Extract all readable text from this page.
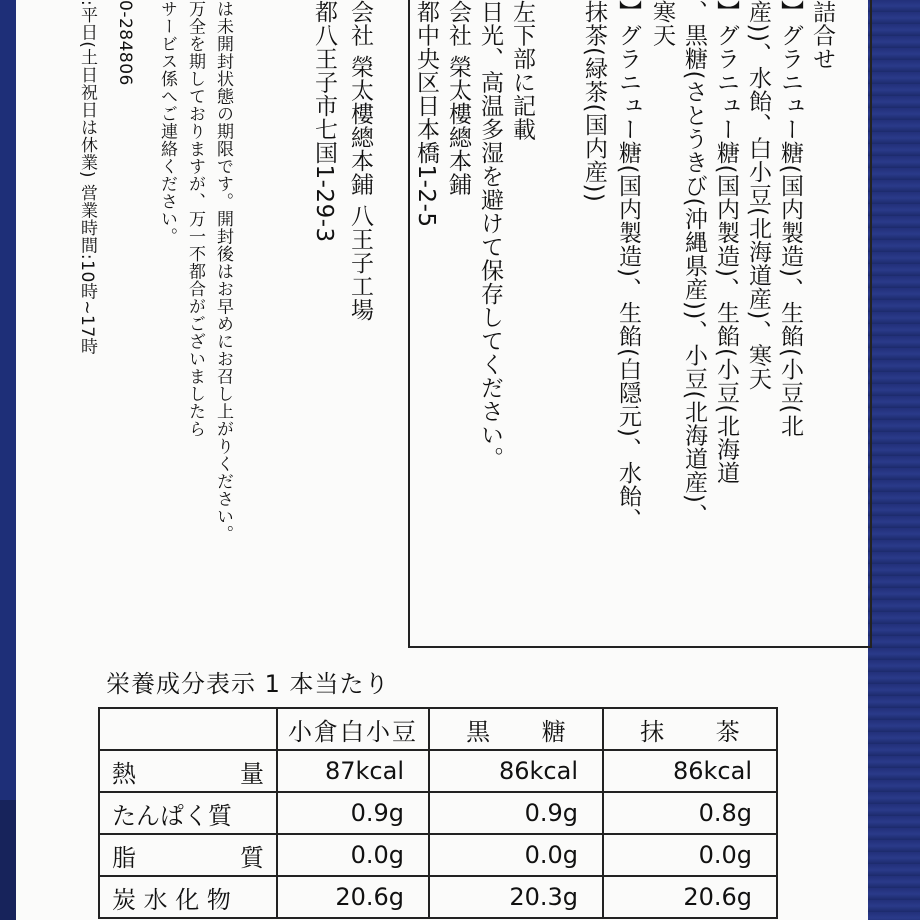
詰合せ
】グラニュー糖(国内製造)、生餡(小豆(北
産))、水飴、白小豆(北海道産)、寒天
】グラニュー糖(国内製造)、生餡(小豆(北海道
、黒糖(さとうきび(沖縄県産))、小豆(北海道産)、
寒天
】グラニュー糖(国内製造)、生餡(白隠元)、水飴、
抹茶(緑茶(国内産))
左下部に記載
日光、高温多湿を避けて保存してください。
会社 榮太樓總本鋪
都中央区日本橋1-2-5
会社 榮太樓總本鋪 八王子工場
都八王子市七国1-29-3
は未開封状態の期限です。開封後はお早めにお召し上がりください。
万全を期しておりますが、万一不都合がございましたら
サービス係へご連絡ください。
0-284806
:平日(土日祝日は休業) 営業時間:10時~17時
栄養成分表示 1 本当たり
	小倉白小豆	黒 糖	抹 茶

熱 量	87kcal	86kcal	86kcal
たんぱく質	0.9g	0.9g	0.8g

脂 質	0.0g	0.0g	0.0g
炭 水 化 物	20.6g	20.3g	20.6g
